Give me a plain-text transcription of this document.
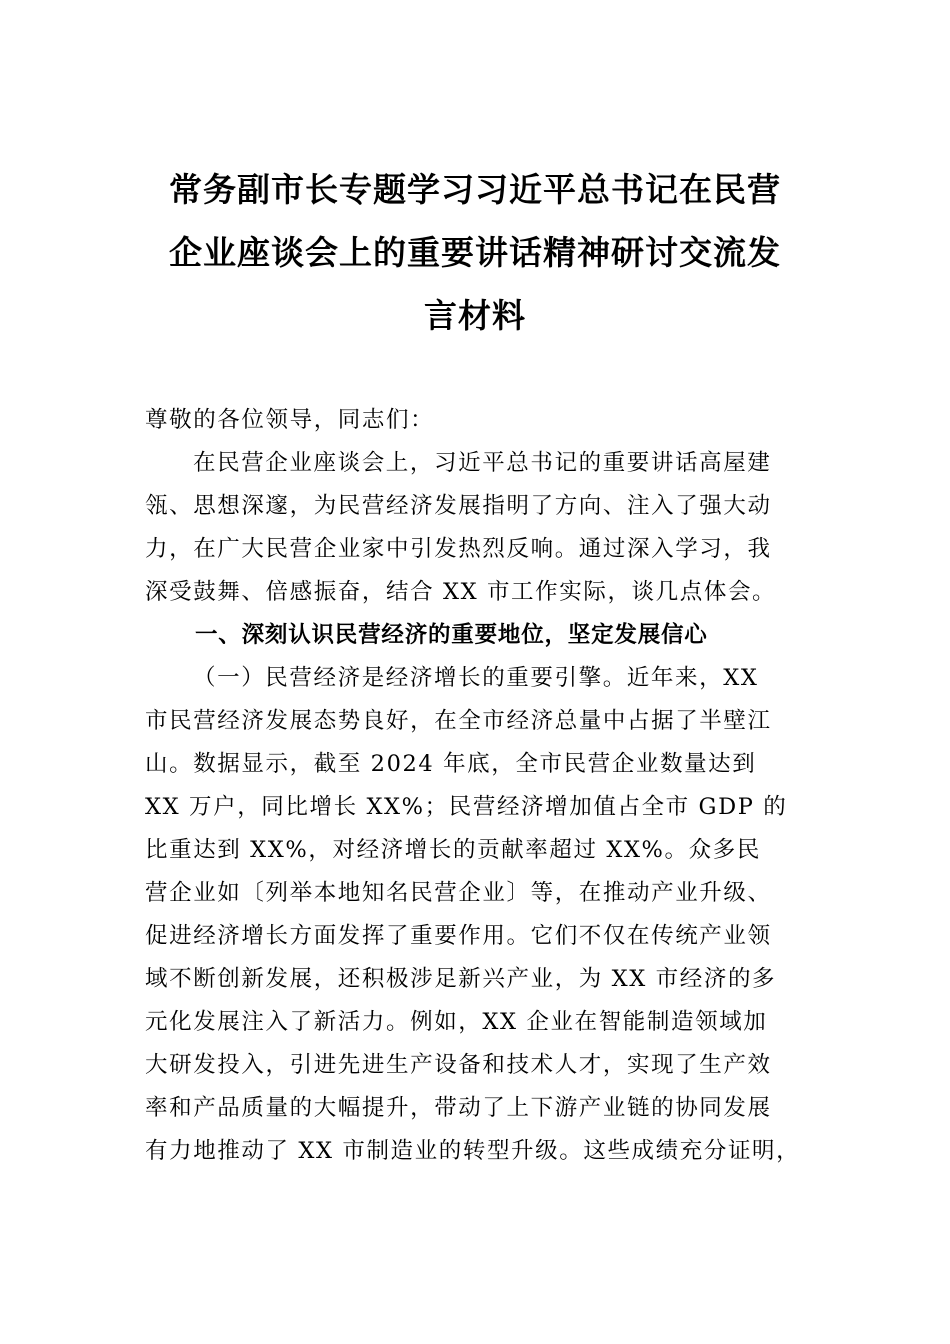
常务副市长专题学习习近平总书记在民营
企业座谈会上的重要讲话精神研讨交流发
言材料
尊敬的各位领导，同志们：
在民营企业座谈会上，习近平总书记的重要讲话高屋建
瓴、思想深邃，为民营经济发展指明了方向、注入了强大动
力，在广大民营企业家中引发热烈反响。通过深入学习，我
深受鼓舞、倍感振奋，结合 XX 市工作实际，谈几点体会。
一、深刻认识民营经济的重要地位，坚定发展信心
（一）民营经济是经济增长的重要引擎。近年来，XX
市民营经济发展态势良好，在全市经济总量中占据了半壁江
山。数据显示，截至 2024 年底，全市民营企业数量达到
XX 万户，同比增长 XX%；民营经济增加值占全市 GDP 的
比重达到 XX%，对经济增长的贡献率超过 XX%。众多民
营企业如〔列举本地知名民营企业〕等，在推动产业升级、
促进经济增长方面发挥了重要作用。它们不仅在传统产业领
域不断创新发展，还积极涉足新兴产业，为 XX 市经济的多
元化发展注入了新活力。例如，XX 企业在智能制造领域加
大研发投入，引进先进生产设备和技术人才，实现了生产效
率和产品质量的大幅提升，带动了上下游产业链的协同发展
有力地推动了 XX 市制造业的转型升级。这些成绩充分证明，
